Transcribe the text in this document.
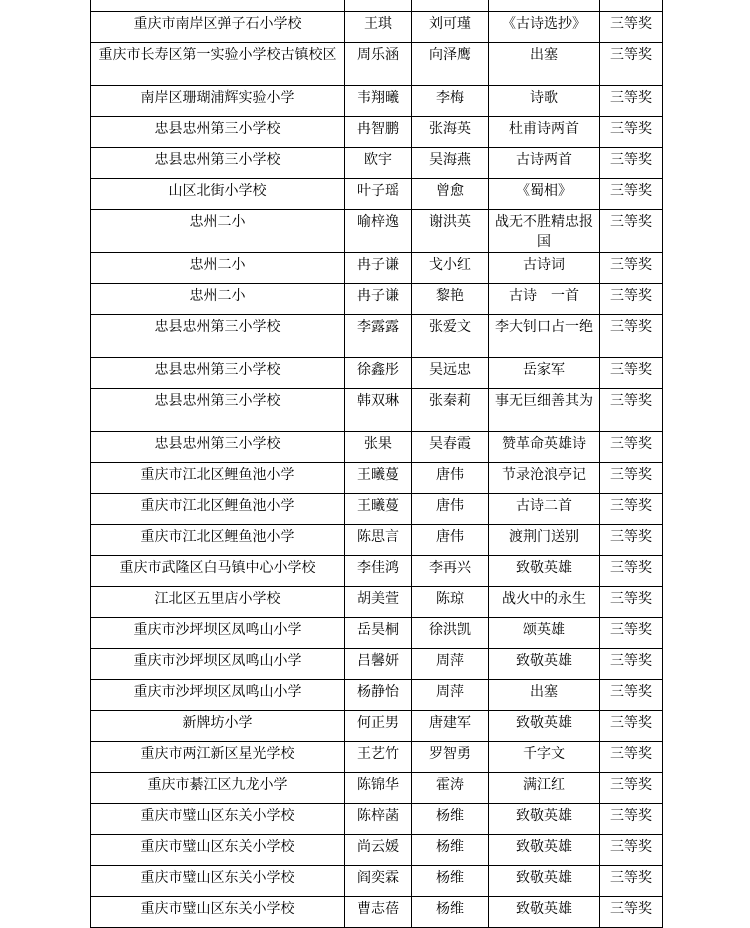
重庆市南岸区弹子石小学校	王琪	刘可瑾	《古诗选抄》	三等奖
重庆市长寿区第一实验小学校古镇校区	周乐涵	向泽鹰	出塞	三等奖
南岸区珊瑚浦辉实验小学	韦翔曦	李梅	诗歌	三等奖
忠县忠州第三小学校	冉智鹏	张海英	杜甫诗两首	三等奖
忠县忠州第三小学校	欧宇	吴海燕	古诗两首	三等奖
山区北街小学校	叶子瑶	曾愈	《蜀相》	三等奖
忠州二小	喻梓逸	谢洪英	战无不胜精忠报国	三等奖
忠州二小	冉子谦	戈小红	古诗词	三等奖
忠州二小	冉子谦	黎艳	古诗　一首	三等奖
忠县忠州第三小学校	李露露	张爱文	李大钊口占一绝	三等奖
忠县忠州第三小学校	徐鑫彤	吴远忠	岳家军	三等奖
忠县忠州第三小学校	韩双琳	张秦莉	事无巨细善其为	三等奖
忠县忠州第三小学校	张果	吴春霞	赞革命英雄诗	三等奖
重庆市江北区鲤鱼池小学	王曦蔓	唐伟	节录沧浪亭记	三等奖
重庆市江北区鲤鱼池小学	王曦蔓	唐伟	古诗二首	三等奖
重庆市江北区鲤鱼池小学	陈思言	唐伟	渡荆门送别	三等奖
重庆市武隆区白马镇中心小学校	李佳鸿	李再兴	致敬英雄	三等奖
江北区五里店小学校	胡美萱	陈琼	战火中的永生	三等奖
重庆市沙坪坝区凤鸣山小学	岳昊桐	徐洪凯	颂英雄	三等奖
重庆市沙坪坝区凤鸣山小学	吕馨妍	周萍	致敬英雄	三等奖
重庆市沙坪坝区凤鸣山小学	杨静怡	周萍	出塞	三等奖
新牌坊小学	何正男	唐建军	致敬英雄	三等奖
重庆市两江新区星光学校	王艺竹	罗智勇	千字文	三等奖
重庆市綦江区九龙小学	陈锦华	霍涛	满江红	三等奖
重庆市璧山区东关小学校	陈梓菡	杨维	致敬英雄	三等奖
重庆市璧山区东关小学校	尚云媛	杨维	致敬英雄	三等奖
重庆市璧山区东关小学校	阎奕霖	杨维	致敬英雄	三等奖
重庆市璧山区东关小学校	曹志蓓	杨维	致敬英雄	三等奖
